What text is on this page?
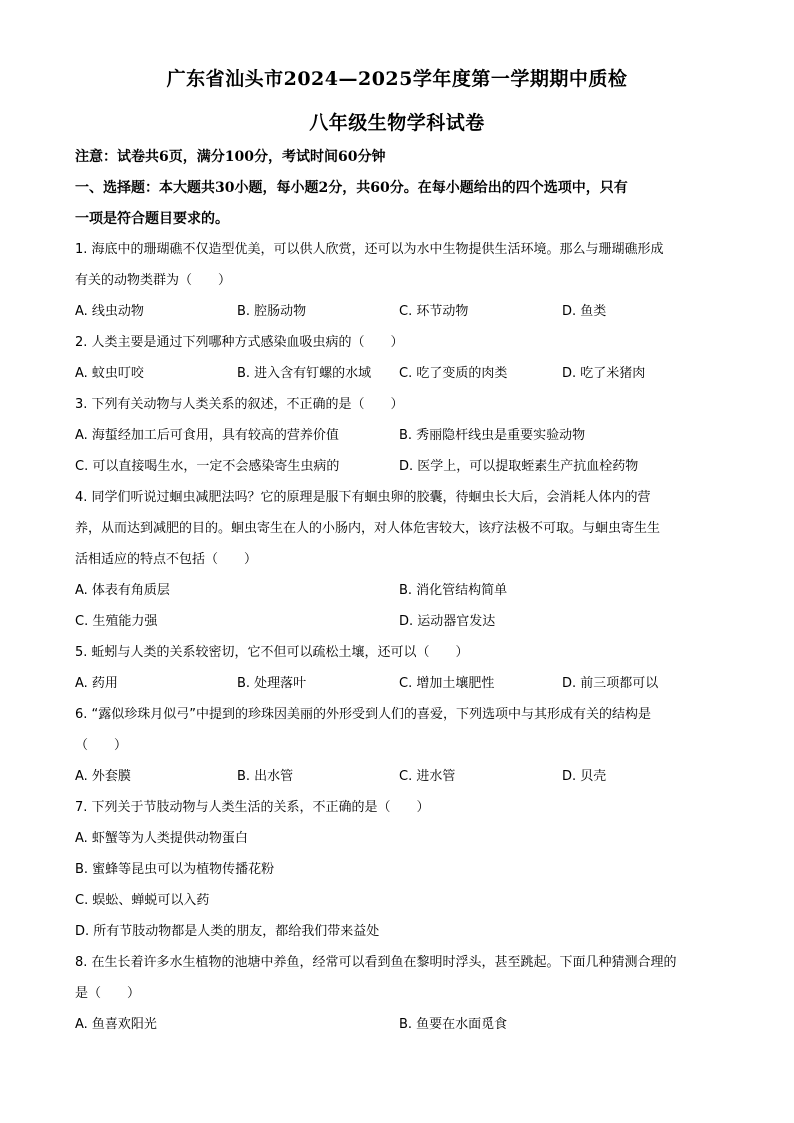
广东省汕头市2024—2025学年度第一学期期中质检
八年级生物学科试卷
注意：试卷共6页，满分100分，考试时间60分钟
一、选择题：本大题共30小题，每小题2分，共60分。在每小题给出的四个选项中，只有
一项是符合题目要求的。
1. 海底中的珊瑚礁不仅造型优美，可以供人欣赏，还可以为水中生物提供生活环境。那么与珊瑚礁形成
有关的动物类群为（　　）
A. 线虫动物	B. 腔肠动物	C. 环节动物	D. 鱼类
2. 人类主要是通过下列哪种方式感染血吸虫病的（　　）
A. 蚊虫叮咬	B. 进入含有钉螺的水域 C. 吃了变质的肉类	D. 吃了米猪肉
3. 下列有关动物与人类关系的叙述，不正确的是（　　）
A. 海蜇经加工后可食用，具有较高的营养价值	B. 秀丽隐杆线虫是重要实验动物
C. 可以直接喝生水，一定不会感染寄生虫病的	D. 医学上，可以提取蛭素生产抗血栓药物
4. 同学们听说过蛔虫减肥法吗？它的原理是服下有蛔虫卵的胶囊，待蛔虫长大后，会消耗人体内的营
养，从而达到减肥的目的。蛔虫寄生在人的小肠内，对人体危害较大，该疗法极不可取。与蛔虫寄生生
活相适应的特点不包括（　　）
A. 体表有角质层	B. 消化管结构简单
C. 生殖能力强	D. 运动器官发达
5. 蚯蚓与人类的关系较密切，它不但可以疏松土壤，还可以（　　）
A. 药用	B. 处理落叶	C. 增加土壤肥性	D. 前三项都可以
6. “露似珍珠月似弓”中提到的珍珠因美丽的外形受到人们的喜爱，下列选项中与其形成有关的结构是
（　　）
A. 外套膜	B. 出水管	C. 进水管	D. 贝壳
7. 下列关于节肢动物与人类生活的关系，不正确的是（　　）
A. 虾蟹等为人类提供动物蛋白
B. 蜜蜂等昆虫可以为植物传播花粉
C. 蜈蚣、蝉蜕可以入药
D. 所有节肢动物都是人类的朋友，都给我们带来益处
8. 在生长着许多水生植物的池塘中养鱼，经常可以看到鱼在黎明时浮头，甚至跳起。下面几种猜测合理的
是（　　）
A. 鱼喜欢阳光	B. 鱼要在水面觅食
